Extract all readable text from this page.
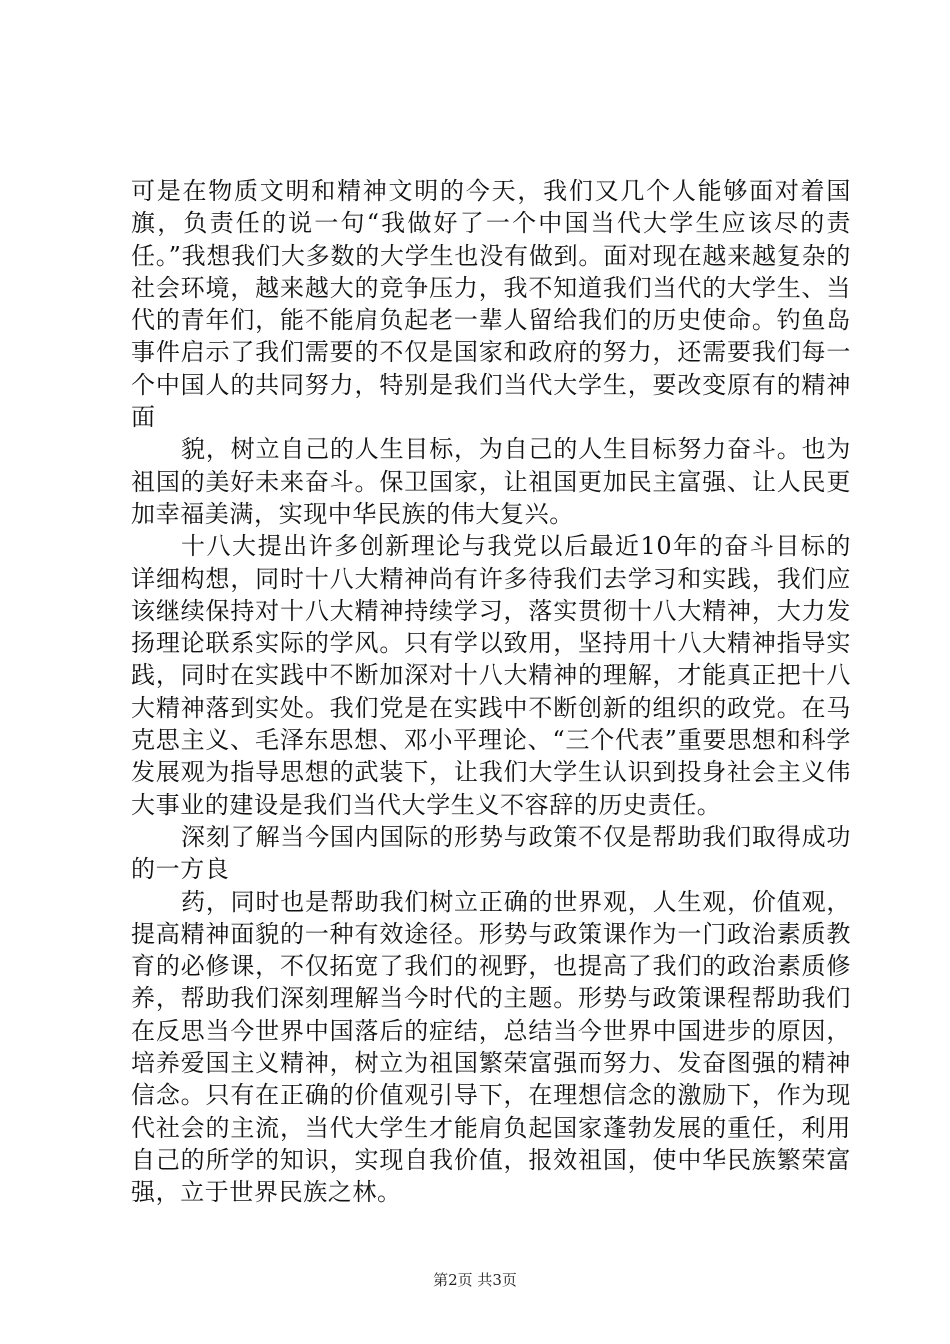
可是在物质文明和精神文明的今天，我们又几个人能够面对着国旗，负责任的说一句“我做好了一个中国当代大学生应该尽的责任。”我想我们大多数的大学生也没有做到。面对现在越来越复杂的社会环境，越来越大的竞争压力，我不知道我们当代的大学生、当代的青年们，能不能肩负起老一辈人留给我们的历史使命。钓鱼岛事件启示了我们需要的不仅是国家和政府的努力，还需要我们每一个中国人的共同努力，特别是我们当代大学生，要改变原有的精神面

貌，树立自己的人生目标，为自己的人生目标努力奋斗。也为祖国的美好未来奋斗。保卫国家，让祖国更加民主富强、让人民更加幸福美满，实现中华民族的伟大复兴。

十八大提出许多创新理论与我党以后最近10年的奋斗目标的详细构想，同时十八大精神尚有许多待我们去学习和实践，我们应该继续保持对十八大精神持续学习，落实贯彻十八大精神，大力发扬理论联系实际的学风。只有学以致用，坚持用十八大精神指导实践，同时在实践中不断加深对十八大精神的理解，才能真正把十八大精神落到实处。我们党是在实践中不断创新的组织的政党。在马克思主义、毛泽东思想、邓小平理论、“三个代表”重要思想和科学发展观为指导思想的武装下，让我们大学生认识到投身社会主义伟大事业的建设是我们当代大学生义不容辞的历史责任。

深刻了解当今国内国际的形势与政策不仅是帮助我们取得成功的一方良

药，同时也是帮助我们树立正确的世界观，人生观，价值观，提高精神面貌的一种有效途径。形势与政策课作为一门政治素质教育的必修课，不仅拓宽了我们的视野，也提高了我们的政治素质修养，帮助我们深刻理解当今时代的主题。形势与政策课程帮助我们在反思当今世界中国落后的症结，总结当今世界中国进步的原因，培养爱国主义精神，树立为祖国繁荣富强而努力、发奋图强的精神信念。只有在正确的价值观引导下，在理想信念的激励下，作为现代社会的主流，当代大学生才能肩负起国家蓬勃发展的重任，利用自己的所学的知识，实现自我价值，报效祖国，使中华民族繁荣富强，立于世界民族之林。

第2页 共3页
